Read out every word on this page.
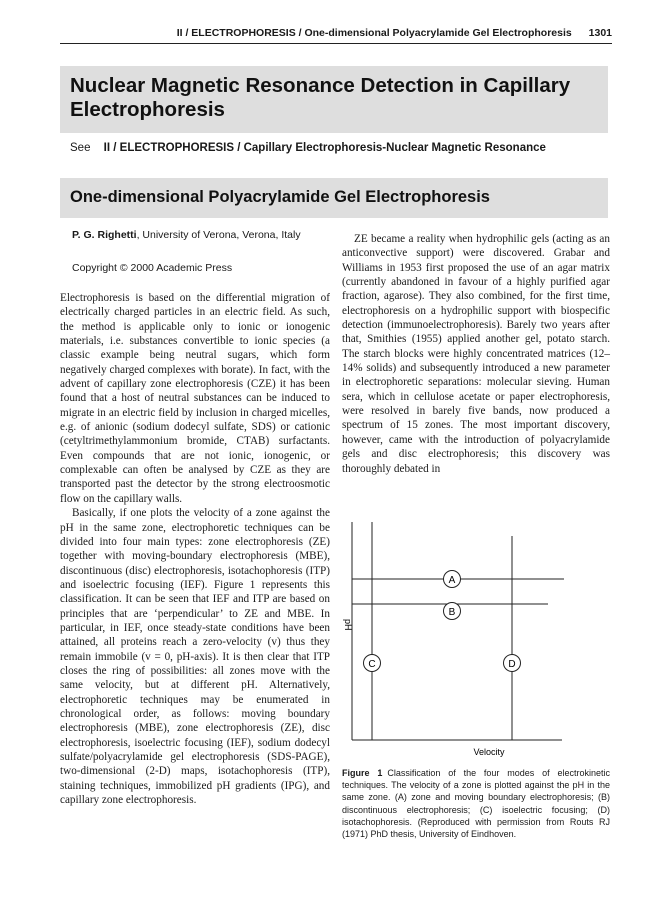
II / ELECTROPHORESIS / One-dimensional Polyacrylamide Gel Electrophoresis 1301
Nuclear Magnetic Resonance Detection in Capillary Electrophoresis
See II / ELECTROPHORESIS / Capillary Electrophoresis-Nuclear Magnetic Resonance
One-dimensional Polyacrylamide Gel Electrophoresis
P. G. Righetti, University of Verona, Verona, Italy
Copyright © 2000 Academic Press

Electrophoresis is based on the differential migration of electrically charged particles in an electric field. As such, the method is applicable only to ionic or ionogenic materials, i.e. substances convertible to ionic species (a classic example being neutral sugars, which form negatively charged complexes with borate). In fact, with the advent of capillary zone electrophoresis (CZE) it has been found that a host of neutral substances can be induced to migrate in an electric field by inclusion in charged micelles, e.g. of anionic (sodium dodecyl sulfate, SDS) or cationic (cetyltrimethylammonium bromide, CTAB) surfactants. Even compounds that are not ionic, ionogenic, or complexable can often be analysed by CZE as they are transported past the detector by the strong electroosmotic flow on the capillary walls.

Basically, if one plots the velocity of a zone against the pH in the same zone, electrophoretic techniques can be divided into four main types: zone electrophoresis (ZE) together with moving-boundary electrophoresis (MBE), discontinuous (disc) electrophoresis, isotachophoresis (ITP) and isoelectric focusing (IEF). Figure 1 represents this classification. It can be seen that IEF and ITP are based on principles that are ‘perpendicular’ to ZE and MBE. In particular, in IEF, once steady-state conditions have been attained, all proteins reach a zero-velocity (v) thus they remain immobile (v = 0, pH-axis). It is then clear that ITP closes the ring of possibilities: all zones move with the same velocity, but at different pH. Alternatively, electrophoretic techniques may be enumerated in chronological order, as follows: moving boundary electrophoresis (MBE), zone electrophoresis (ZE), disc electrophoresis, isoelectric focusing (IEF), sodium dodecyl sulfate/polyacrylamide gel electrophoresis (SDS-PAGE), two-dimensional (2-D) maps, isotachophoresis (ITP), staining techniques, immobilized pH gradients (IPG), and capillary zone electrophoresis.

ZE became a reality when hydrophilic gels (acting as an anticonvective support) were discovered. Grabar and Williams in 1953 first proposed the use of an agar matrix (currently abandoned in favour of a highly purified agar fraction, agarose). They also combined, for the first time, electrophoresis on a hydrophilic support with biospecific detection (immunoelectrophoresis). Barely two years after that, Smithies (1955) applied another gel, potato starch. The starch blocks were highly concentrated matrices (12–14% solids) and subsequently introduced a new parameter in electrophoretic separations: molecular sieving. Human sera, which in cellulose acetate or paper electrophoresis, were resolved in barely five bands, now produced a spectrum of 15 zones. The most important discovery, however, came with the introduction of polyacrylamide gels and disc electrophoresis; this discovery was thoroughly debated in

A
B
C	D
pH
Velocity
Figure 1 Classification of the four modes of electrokinetic techniques. The velocity of a zone is plotted against the pH in the same zone. (A) zone and moving boundary electrophoresis; (B) discontinuous electrophoresis; (C) isoelectric focusing; (D) isotachophoresis. (Reproduced with permission from Routs RJ (1971) PhD thesis, University of Eindhoven.
